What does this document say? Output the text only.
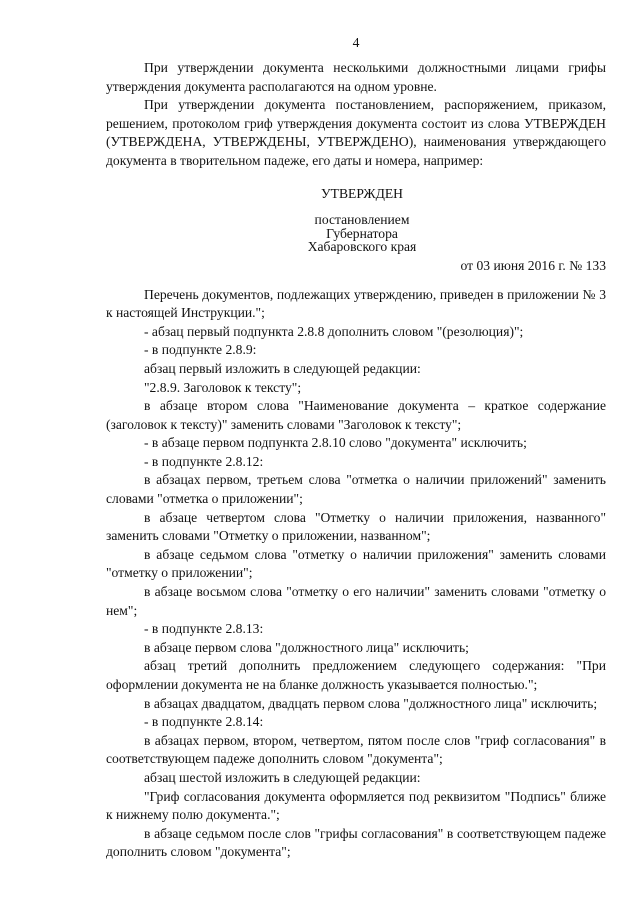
4

При утверждении документа несколькими должностными лицами грифы утверждения документа располагаются на одном уровне.

При утверждении документа постановлением, распоряжением, приказом, решением, протоколом гриф утверждения документа состоит из слова УТВЕРЖДЕН (УТВЕРЖДЕНА, УТВЕРЖДЕНЫ, УТВЕРЖДЕНО), наименования утверждающего документа в творительном падеже, его даты и номера, например:

УТВЕРЖДЕН
постановлением
Губернатора
Хабаровского края
от 03 июня 2016 г. № 133

Перечень документов, подлежащих утверждению, приведен в приложении № 3 к настоящей Инструкции.";

- абзац первый подпункта 2.8.8 дополнить словом "(резолюция)";

- в подпункте 2.8.9:

абзац первый изложить в следующей редакции:

"2.8.9. Заголовок к тексту";

в абзаце втором слова "Наименование документа – краткое содержание (заголовок к тексту)" заменить словами "Заголовок к тексту";

- в абзаце первом подпункта 2.8.10 слово "документа" исключить;

- в подпункте 2.8.12:

в абзацах первом, третьем слова "отметка о наличии приложений" заменить словами "отметка о приложении";

в абзаце четвертом слова "Отметку о наличии приложения, названного" заменить словами "Отметку о приложении, названном";

в абзаце седьмом слова "отметку о наличии приложения" заменить словами "отметку о приложении";

в абзаце восьмом слова "отметку о его наличии" заменить словами "отметку о нем";

- в подпункте 2.8.13:

в абзаце первом слова "должностного лица" исключить;

абзац третий дополнить предложением следующего содержания: "При оформлении документа не на бланке должность указывается полностью.";

в абзацах двадцатом, двадцать первом слова "должностного лица" исключить;

- в подпункте 2.8.14:

в абзацах первом, втором, четвертом, пятом после слов "гриф согласования" в соответствующем падеже дополнить словом "документа";

абзац шестой изложить в следующей редакции:

"Гриф согласования документа оформляется под реквизитом "Подпись" ближе к нижнему полю документа.";

в абзаце седьмом после слов "грифы согласования" в соответствующем падеже дополнить словом "документа";
